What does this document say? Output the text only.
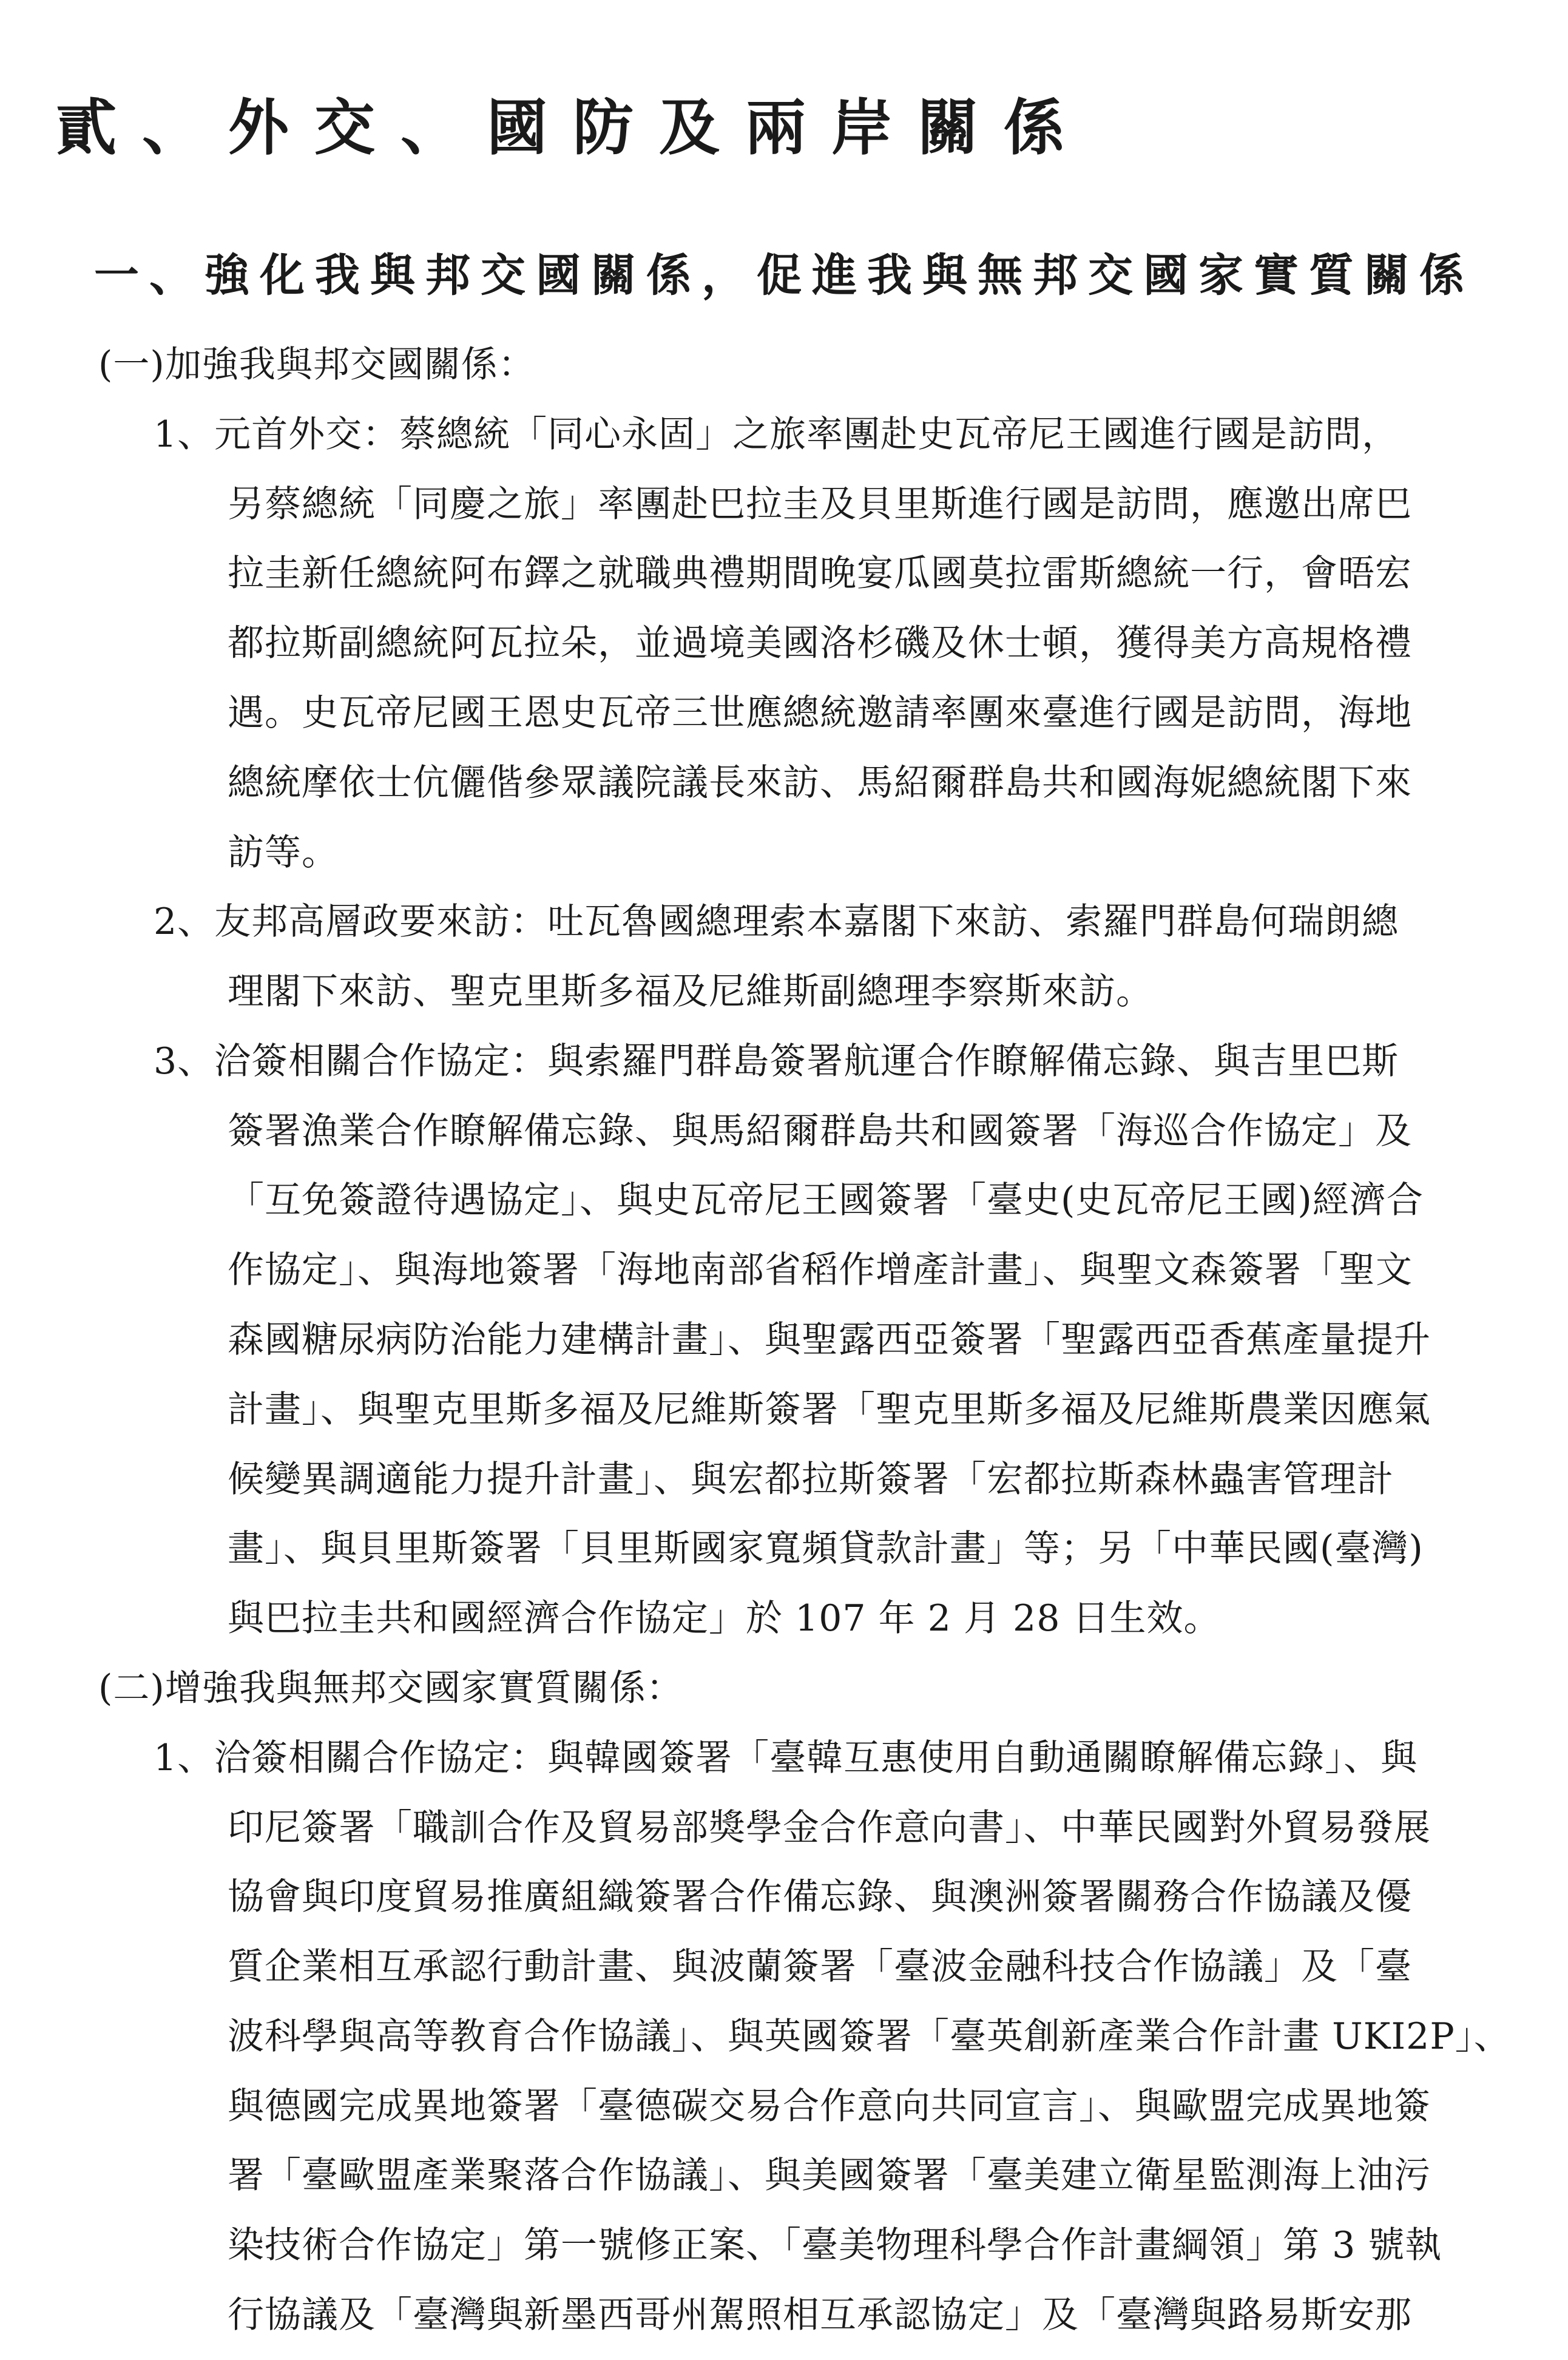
貳、外交、國防及兩岸關係
一、強化我與邦交國關係，促進我與無邦交國家實質關係
(一)加強我與邦交國關係：
1、元首外交：蔡總統「同心永固」之旅率團赴史瓦帝尼王國進行國是訪問，
另蔡總統「同慶之旅」率團赴巴拉圭及貝里斯進行國是訪問，應邀出席巴
拉圭新任總統阿布鐸之就職典禮期間晚宴瓜國莫拉雷斯總統一行，會晤宏
都拉斯副總統阿瓦拉朵，並過境美國洛杉磯及休士頓，獲得美方高規格禮
遇。史瓦帝尼國王恩史瓦帝三世應總統邀請率團來臺進行國是訪問，海地
總統摩依士伉儷偕參眾議院議長來訪、馬紹爾群島共和國海妮總統閣下來
訪等。
2、友邦高層政要來訪：吐瓦魯國總理索本嘉閣下來訪、索羅門群島何瑞朗總
理閣下來訪、聖克里斯多福及尼維斯副總理李察斯來訪。
3、洽簽相關合作協定：與索羅門群島簽署航運合作瞭解備忘錄、與吉里巴斯
簽署漁業合作瞭解備忘錄、與馬紹爾群島共和國簽署「海巡合作協定」及
「互免簽證待遇協定」、與史瓦帝尼王國簽署「臺史(史瓦帝尼王國)經濟合
作協定」、與海地簽署「海地南部省稻作增產計畫」、與聖文森簽署「聖文
森國糖尿病防治能力建構計畫」、與聖露西亞簽署「聖露西亞香蕉產量提升
計畫」、與聖克里斯多福及尼維斯簽署「聖克里斯多福及尼維斯農業因應氣
候變異調適能力提升計畫」、與宏都拉斯簽署「宏都拉斯森林蟲害管理計
畫」、與貝里斯簽署「貝里斯國家寬頻貸款計畫」等；另「中華民國(臺灣)
與巴拉圭共和國經濟合作協定」於 107 年 2 月 28 日生效。
(二)增強我與無邦交國家實質關係：
1、洽簽相關合作協定：與韓國簽署「臺韓互惠使用自動通關瞭解備忘錄」、與
印尼簽署「職訓合作及貿易部獎學金合作意向書」、中華民國對外貿易發展
協會與印度貿易推廣組織簽署合作備忘錄、與澳洲簽署關務合作協議及優
質企業相互承認行動計畫、與波蘭簽署「臺波金融科技合作協議」及「臺
波科學與高等教育合作協議」、與英國簽署「臺英創新產業合作計畫 UKI2P」、
與德國完成異地簽署「臺德碳交易合作意向共同宣言」、與歐盟完成異地簽
署「臺歐盟產業聚落合作協議」、與美國簽署「臺美建立衛星監測海上油污
染技術合作協定」第一號修正案、「臺美物理科學合作計畫綱領」第 3 號執
行協議及「臺灣與新墨西哥州駕照相互承認協定」及「臺灣與路易斯安那
